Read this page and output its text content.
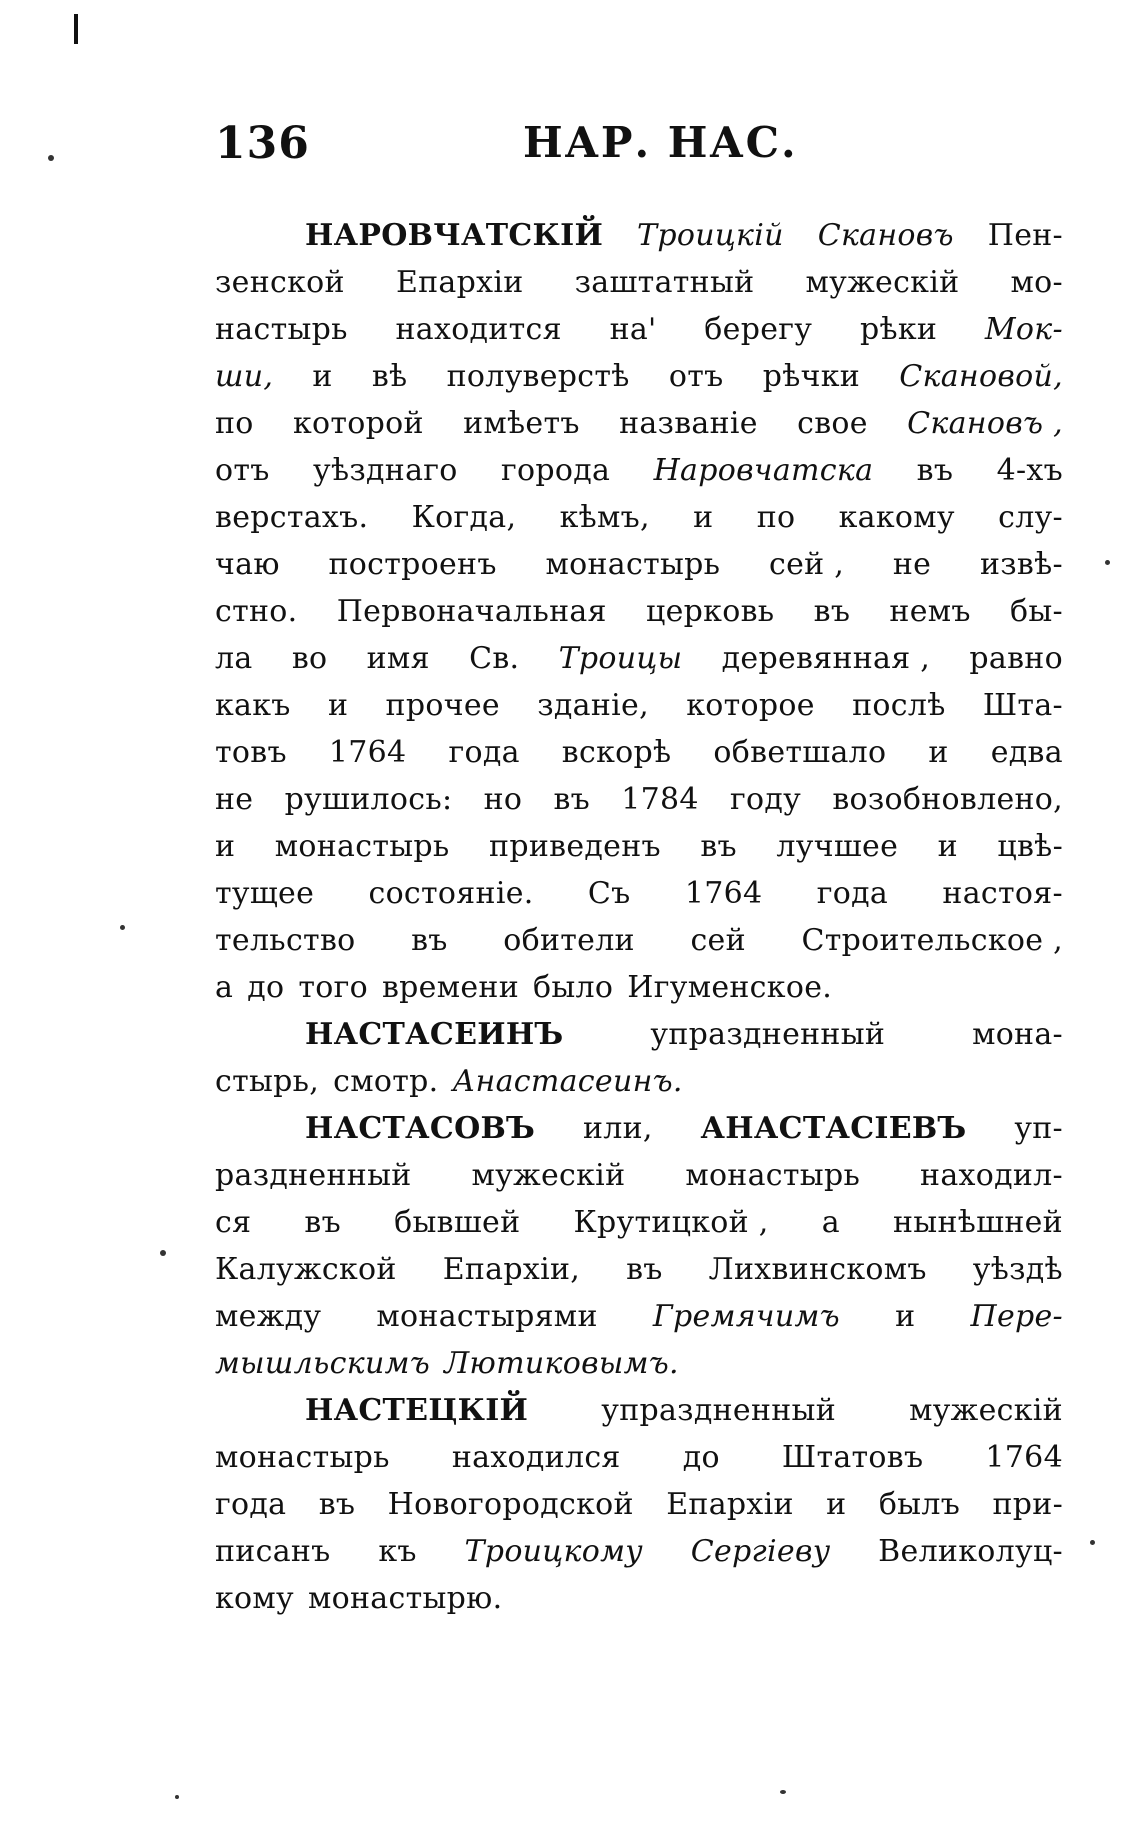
136	НАР. НАС.
НАРОВЧАТСКІЙ Троицкій Скановъ Пен-
зенской Епархіи заштатный мужескій мо-
настырь находится на' берегу рѣки Мок-
ши, и вѣ полуверстѣ отъ рѣчки Скановой,
по которой имѣетъ названіе свое Скановъ ,
отъ уѣзднаго города Наровчатска въ 4-хъ
верстахъ. Когда, кѣмъ, и по какому слу-
чаю построенъ монастырь сей , не извѣ-
стно. Первоначальная церковь въ немъ бы-
ла во имя Св. Троицы деревянная , равно
какъ и прочее зданіе, которое послѣ Шта-
товъ 1764 года вскорѣ обветшало и едва
не рушилось: но въ 1784 году возобновлено,
и монастырь приведенъ въ лучшее и цвѣ-
тущее состояніе. Съ 1764 года настоя-
тельство въ обители сей Строительское ,
а до того времени было Игуменское.
НАСТАСЕИНЪ	упраздненный	мона-
стырь, смотр. Анастасеинъ.
НАСТАСОВЪ или, АНАСТАСІЕВЪ уп-
раздненный мужескій монастырь находил-
ся въ бывшей Крутицкой , а нынѣшней
Калужской Епархіи, въ Лихвинскомъ уѣздѣ
между монастырями Гремячимъ и Пере-
мышльскимъ Лютиковымъ.
НАСТЕЦКІЙ упраздненный мужескій
монастырь находился до Штатовъ 1764
года въ Новогородской Епархіи и былъ при-
писанъ къ Троицкому Сергіеву Великолуц-
кому монастырю.
